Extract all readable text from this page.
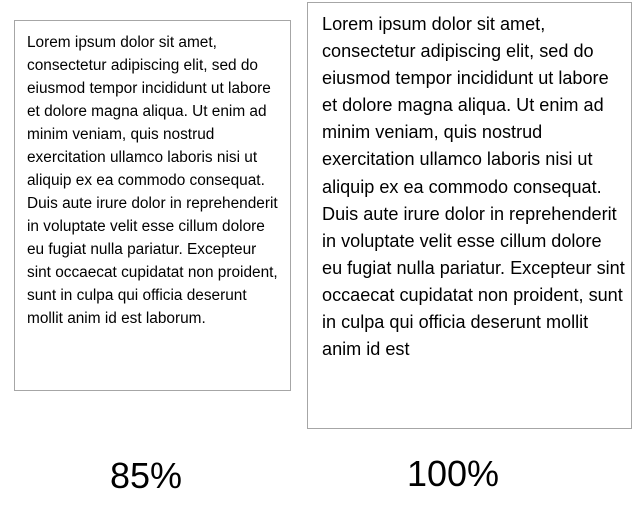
Lorem ipsum dolor sit amet, consectetur adipiscing elit, sed do eiusmod tempor incididunt ut labore et dolore magna aliqua. Ut enim ad minim veniam, quis nostrud exercitation ullamco laboris nisi ut aliquip ex ea commodo consequat. Duis aute irure dolor in reprehenderit in voluptate velit esse cillum dolore eu fugiat nulla pariatur. Excepteur sint occaecat cupidatat non proident, sunt in culpa qui officia deserunt mollit anim id est laborum.

Lorem ipsum dolor sit amet, consectetur adipiscing elit, sed do eiusmod tempor incididunt ut labore et dolore magna aliqua. Ut enim ad minim veniam, quis nostrud exercitation ullamco laboris nisi ut aliquip ex ea commodo consequat. Duis aute irure dolor in reprehenderit in voluptate velit esse cillum dolore eu fugiat nulla pariatur. Excepteur sint occaecat cupidatat non proident, sunt in culpa qui officia deserunt mollit anim id est

85%	100%
